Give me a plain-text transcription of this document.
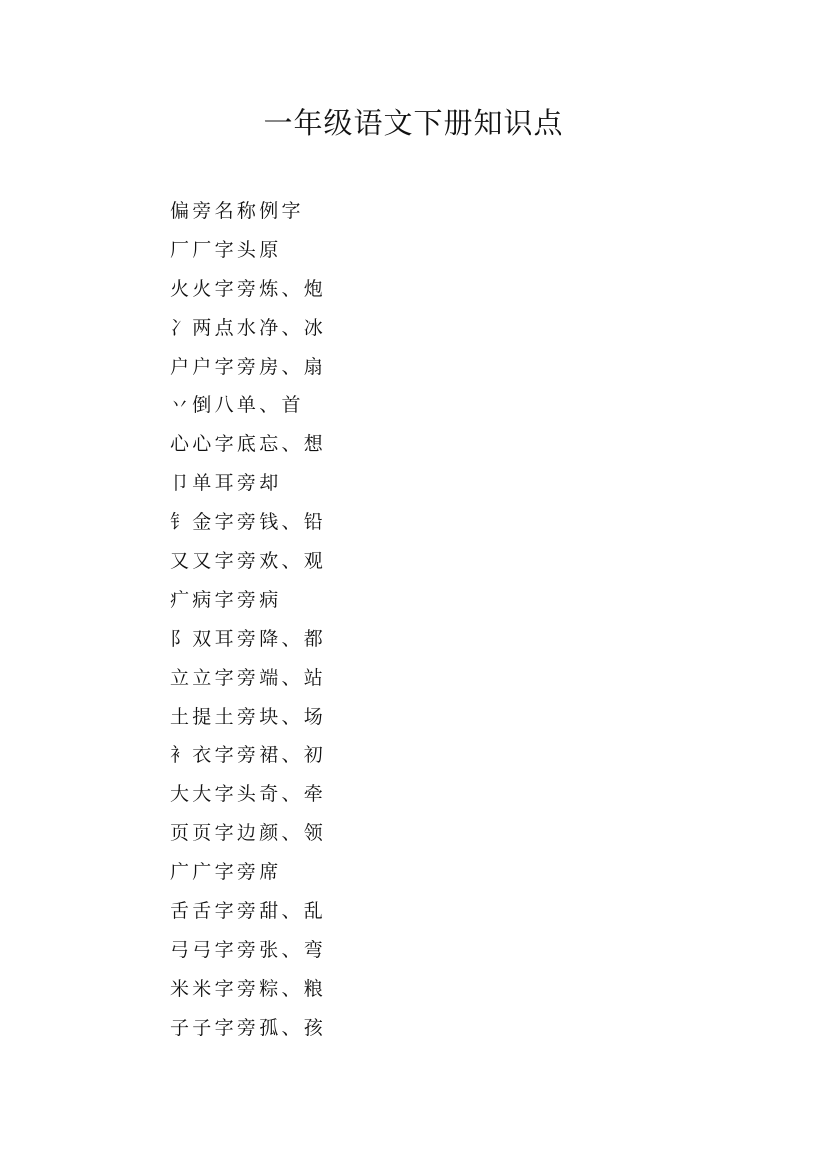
一年级语文下册知识点
偏旁名称例字
厂厂字头原
火火字旁炼、炮
冫两点水净、冰
户户字旁房、扇
丷倒八单、首
心心字底忘、想
卩单耳旁却
钅金字旁钱、铅
又又字旁欢、观
疒病字旁病
阝双耳旁降、都
立立字旁端、站
土提土旁块、场
衤衣字旁裙、初
大大字头奇、牵
页页字边颜、领
广广字旁席
舌舌字旁甜、乱
弓弓字旁张、弯
米米字旁粽、粮
子子字旁孤、孩
